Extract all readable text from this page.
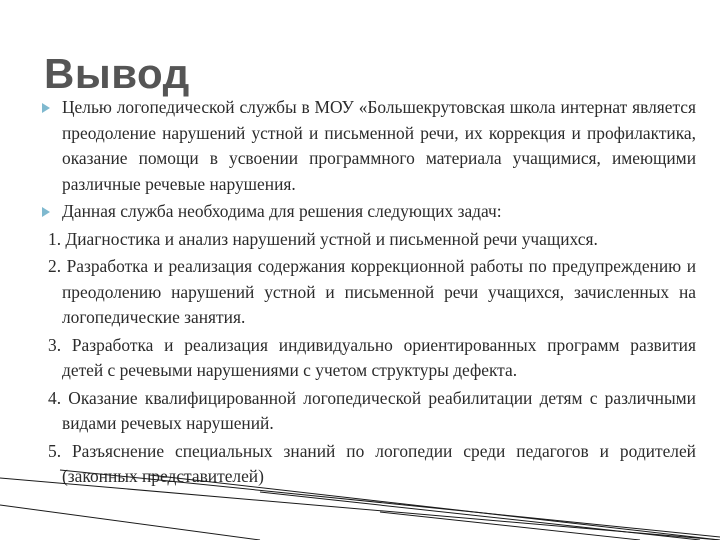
Вывод

Целью логопедической службы в МОУ «Большекрутовская школа интернат является преодоление нарушений устной и письменной речи, их коррекция и профилактика, оказание помощи в усвоении программного материала учащимися, имеющими различные речевые нарушения.

Данная служба необходима для решения следующих задач:

1. Диагностика и анализ нарушений устной и письменной речи учащихся.

2. Разработка и реализация содержания коррекционной работы по предупреждению и преодолению нарушений устной и письменной речи учащихся, зачисленных на логопедические занятия.

3. Разработка и реализация индивидуально ориентированных программ развития детей с речевыми нарушениями с учетом структуры дефекта.

4. Оказание квалифицированной логопедической реабилитации детям с различными видами речевых нарушений.

5. Разъяснение специальных знаний по логопедии среди педагогов и родителей (законных представителей)
